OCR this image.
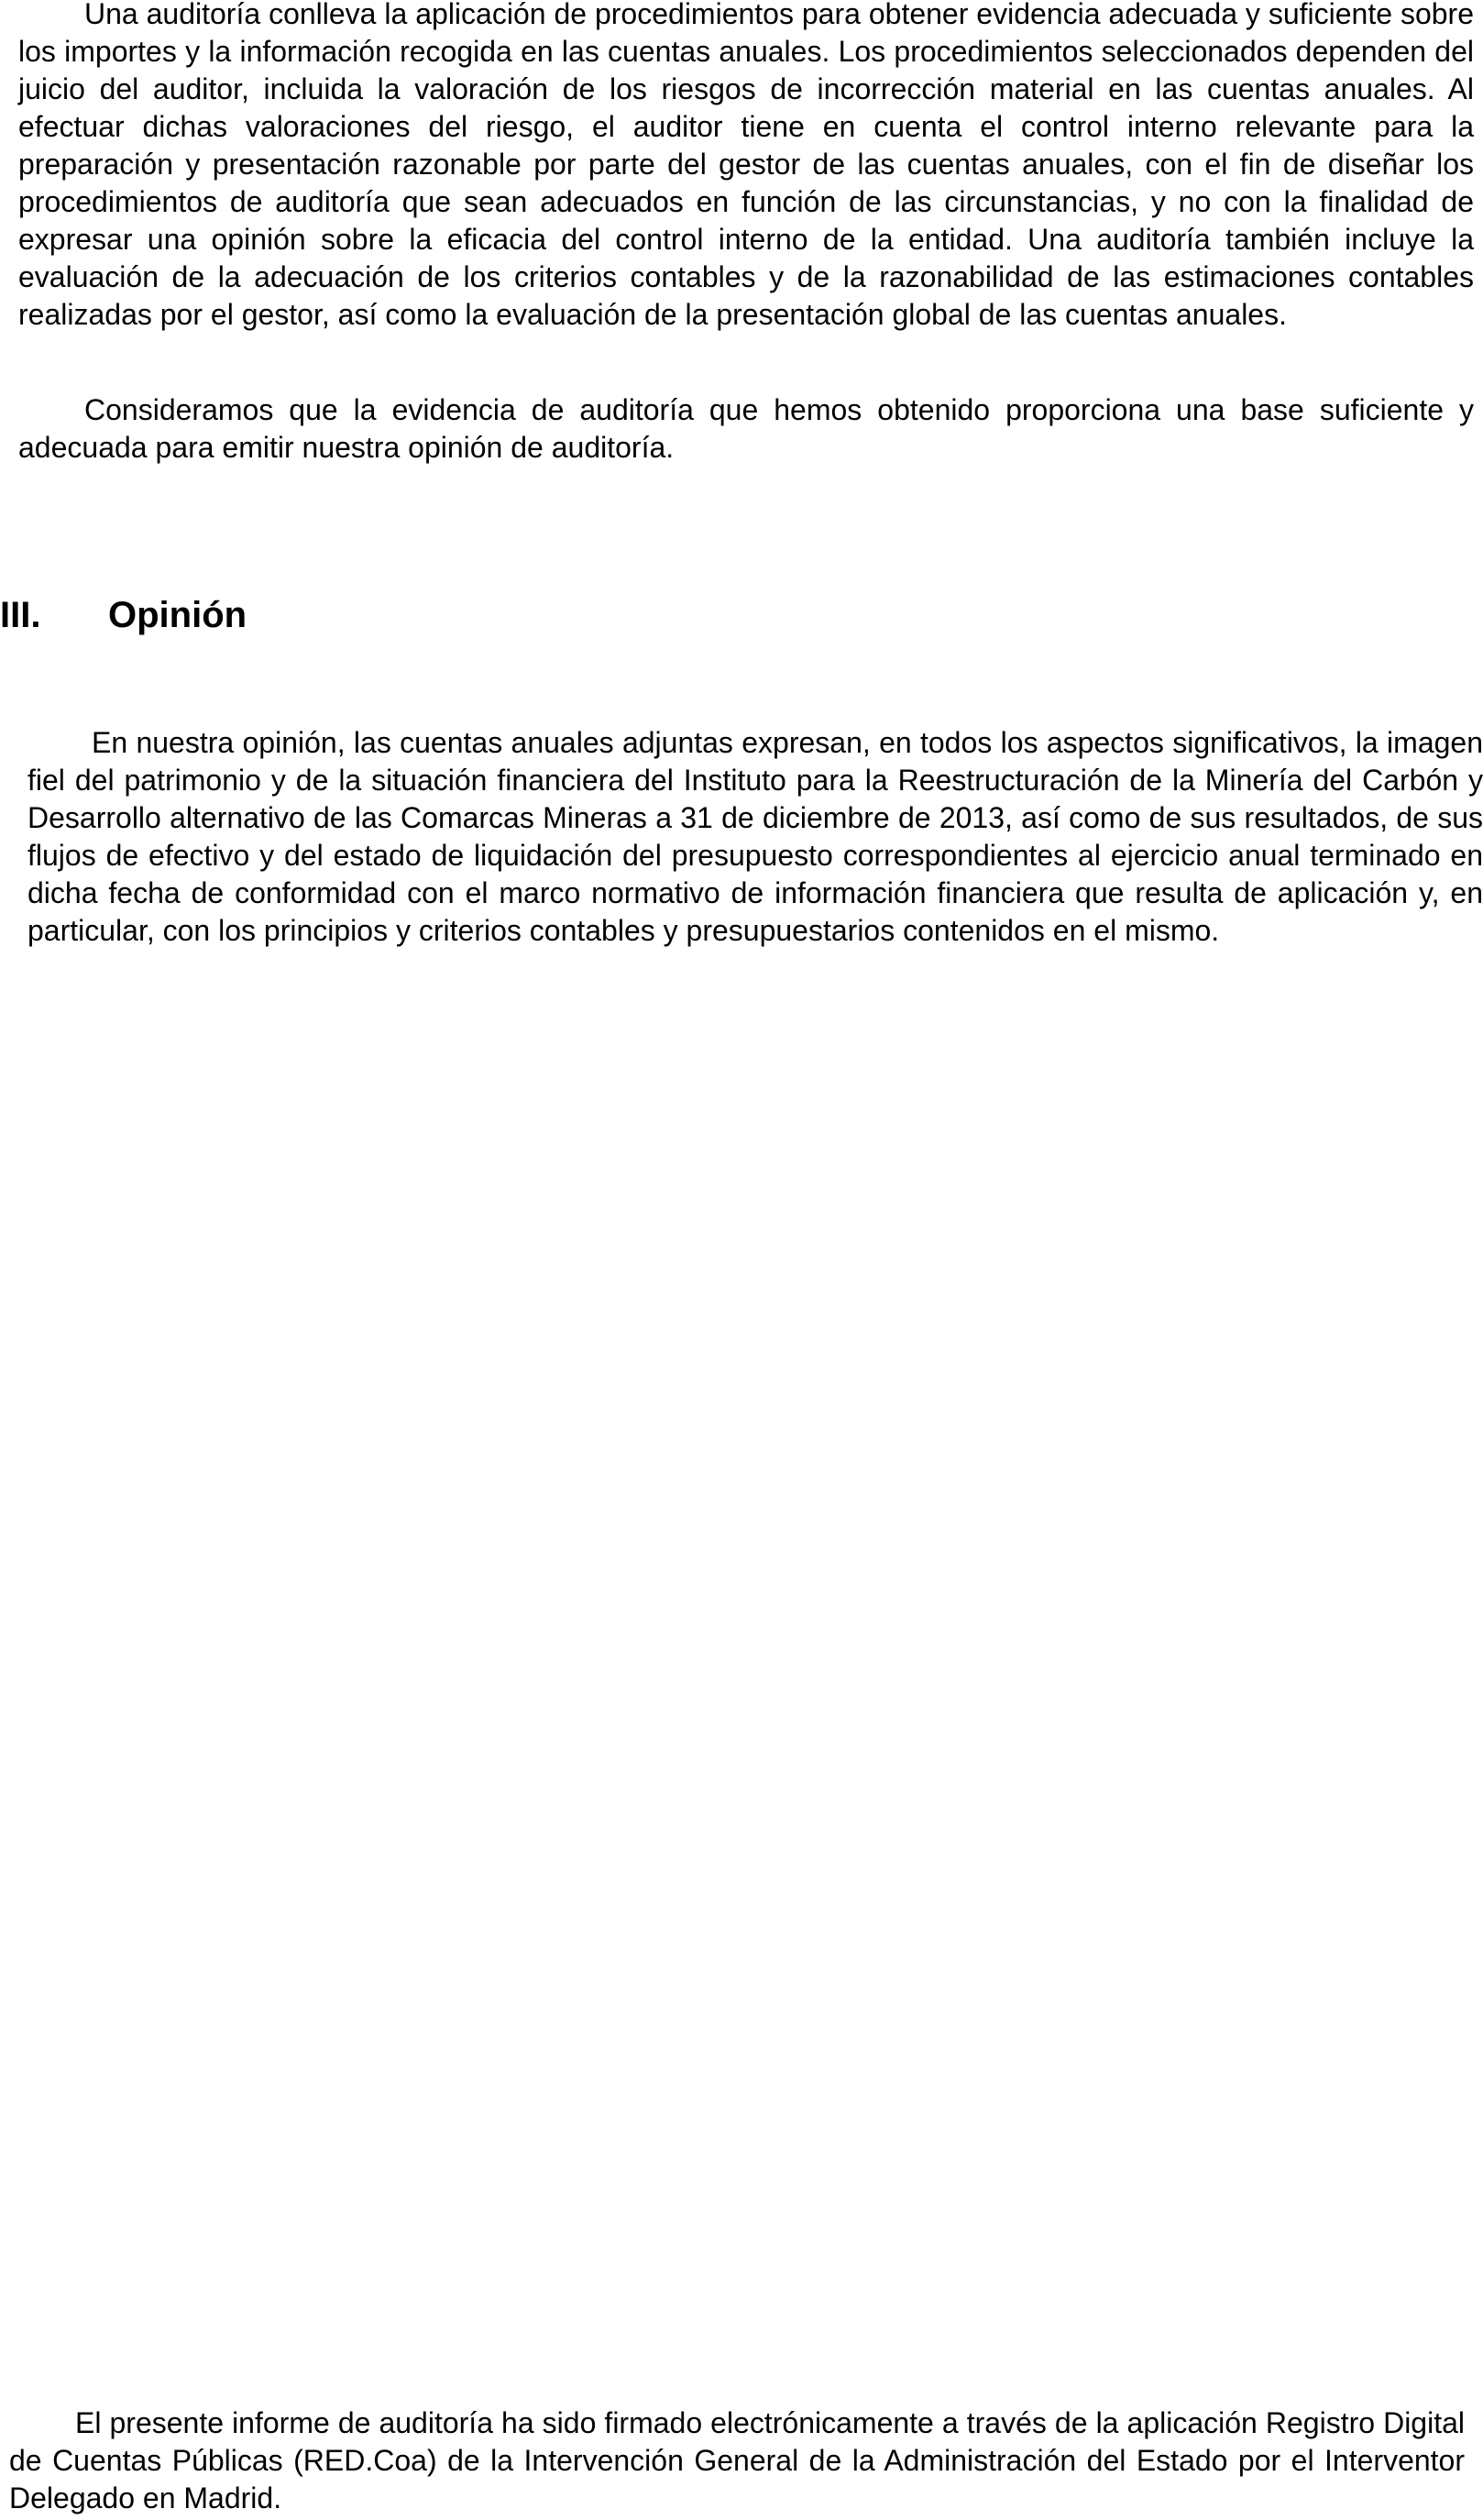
Una auditoría conlleva la aplicación de procedimientos para obtener evidencia adecuada y suficiente sobre los importes y la información recogida en las cuentas anuales. Los procedimientos seleccionados dependen del juicio del auditor, incluida la valoración de los riesgos de incorrección material en las cuentas anuales. Al efectuar dichas valoraciones del riesgo, el auditor tiene en cuenta el control interno relevante para la preparación y presentación razonable por parte del gestor de las cuentas anuales, con el fin de diseñar los procedimientos de auditoría que sean adecuados en función de las circunstancias, y no con la finalidad de expresar una opinión sobre la eficacia del control interno de la entidad. Una auditoría también incluye la evaluación de la adecuación de los criterios contables y de la razonabilidad de las estimaciones contables realizadas por el gestor, así como la evaluación de la presentación global de las cuentas anuales.

Consideramos que la evidencia de auditoría que hemos obtenido proporciona una base suficiente y adecuada para emitir nuestra opinión de auditoría.

III. Opinión

En nuestra opinión, las cuentas anuales adjuntas expresan, en todos los aspectos significativos, la imagen fiel del patrimonio y de la situación financiera del Instituto para la Reestructuración de la Minería del Carbón y Desarrollo alternativo de las Comarcas Mineras a 31 de diciembre de 2013, así como de sus resultados, de sus flujos de efectivo y del estado de liquidación del presupuesto correspondientes al ejercicio anual terminado en dicha fecha de conformidad con el marco normativo de información financiera que resulta de aplicación y, en particular, con los principios y criterios contables y presupuestarios contenidos en el mismo.

El presente informe de auditoría ha sido firmado electrónicamente a través de la aplicación Registro Digital de Cuentas Públicas (RED.Coa) de la Intervención General de la Administración del Estado por el Interventor Delegado en Madrid.
